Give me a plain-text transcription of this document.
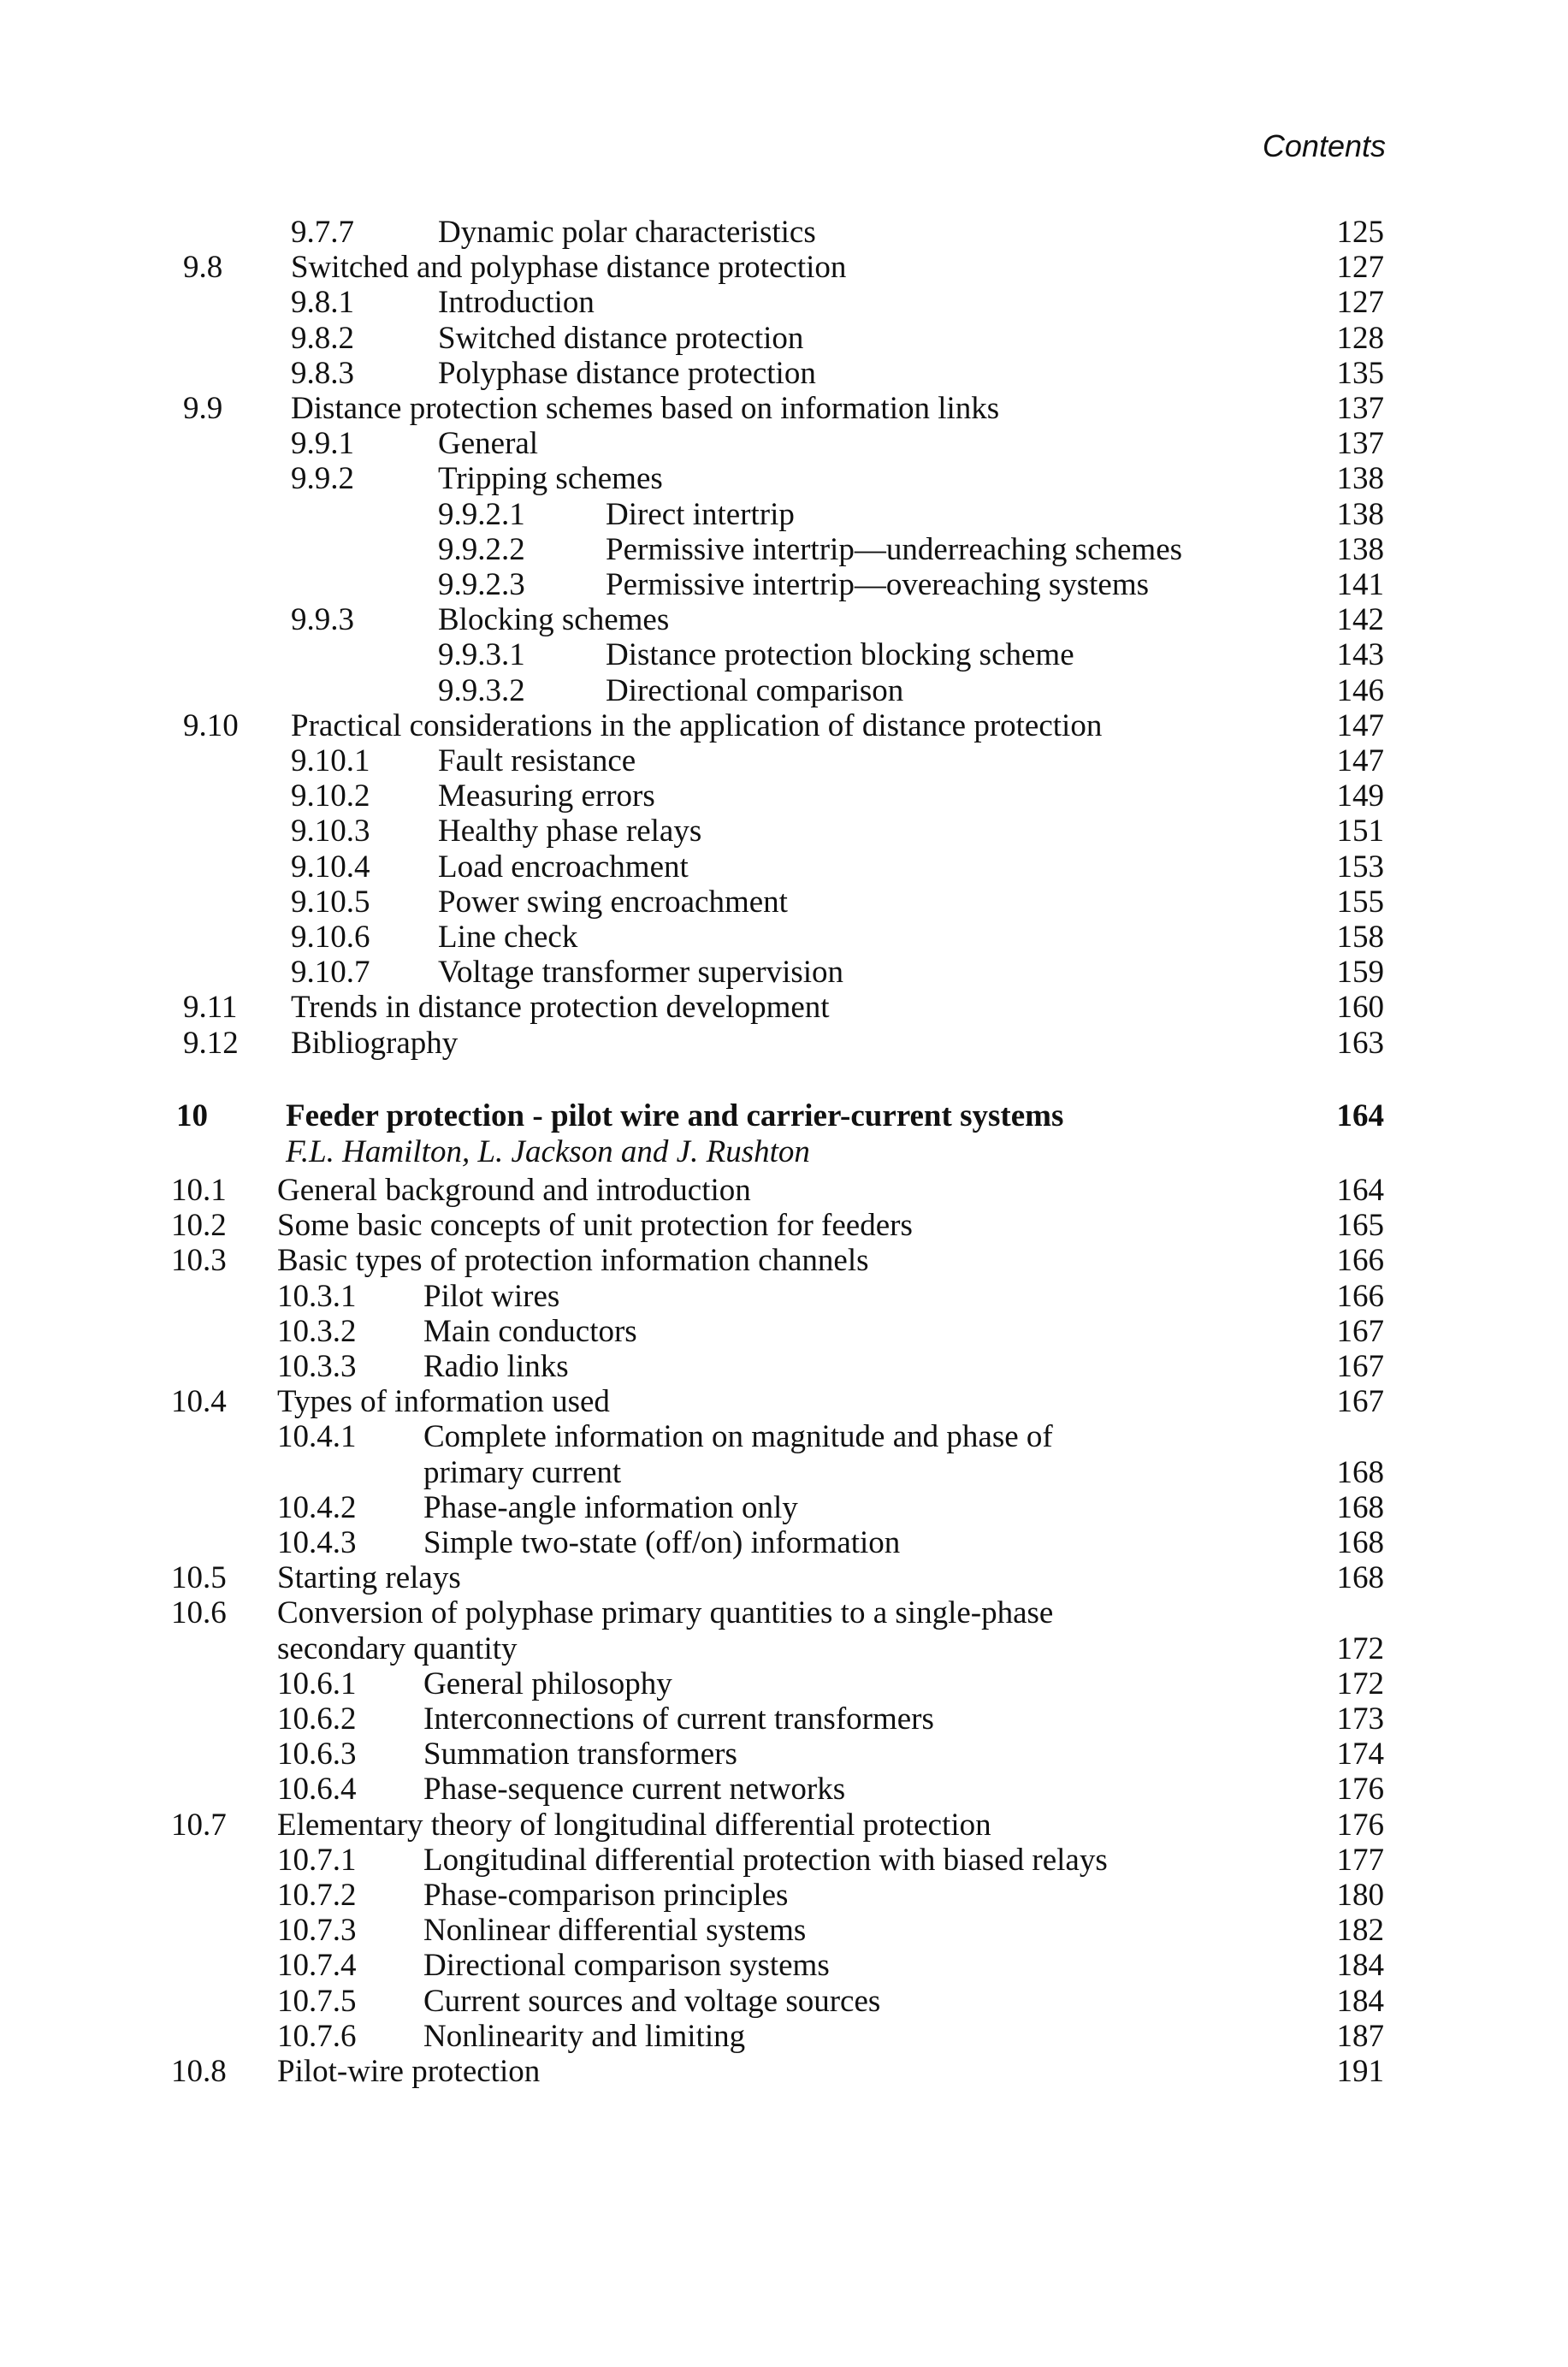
Contents
9.7.7	Dynamic polar characteristics	125
9.8 Switched and polyphase distance protection	127
9.8.1	Introduction	127
9.8.2	Switched distance protection	128
9.8.3	Polyphase distance protection	135
9.9 Distance protection schemes based on information links	137
9.9.1	General	137
9.9.2	Tripping schemes	138
9.9.2.1	Direct intertrip	138
9.9.2.2	Permissive intertrip—underreaching schemes	138
9.9.2.3	Permissive intertrip—overeaching systems	141
9.9.3	Blocking schemes	142
9.9.3.1	Distance protection blocking scheme	143
9.9.3.2	Directional comparison	146
9.10 Practical considerations in the application of distance protection	147
9.10.1 Fault resistance	147
9.10.2 Measuring errors	149
9.10.3 Healthy phase relays	151
9.10.4 Load encroachment	153
9.10.5 Power swing encroachment	155
9.10.6 Line check	158
9.10.7 Voltage transformer supervision	159
9.11 Trends in distance protection development	160
9.12 Bibliography	163
10 Feeder protection - pilot wire and carrier-current systems	164
F.L. Hamilton, L. Jackson and J. Rushton
10.1 General background and introduction	164
10.2 Some basic concepts of unit protection for feeders	165
10.3 Basic types of protection information channels	166
10.3.1 Pilot wires	166
10.3.2 Main conductors	167
10.3.3 Radio links	167
10.4 Types of information used	167
10.4.1 Complete information on magnitude and phase of
primary current	168
10.4.2 Phase-angle information only	168
10.4.3 Simple two-state (off/on) information	168
10.5 Starting relays	168
10.6 Conversion of polyphase primary quantities to a single-phase
secondary quantity	172
10.6.1 General philosophy	172
10.6.2 Interconnections of current transformers	173
10.6.3 Summation transformers	174
10.6.4 Phase-sequence current networks	176
10.7 Elementary theory of longitudinal differential protection	176
10.7.1 Longitudinal differential protection with biased relays	177
10.7.2 Phase-comparison principles	180
10.7.3 Nonlinear differential systems	182
10.7.4 Directional comparison systems	184
10.7.5 Current sources and voltage sources	184
10.7.6 Nonlinearity and limiting	187
10.8 Pilot-wire protection	191
